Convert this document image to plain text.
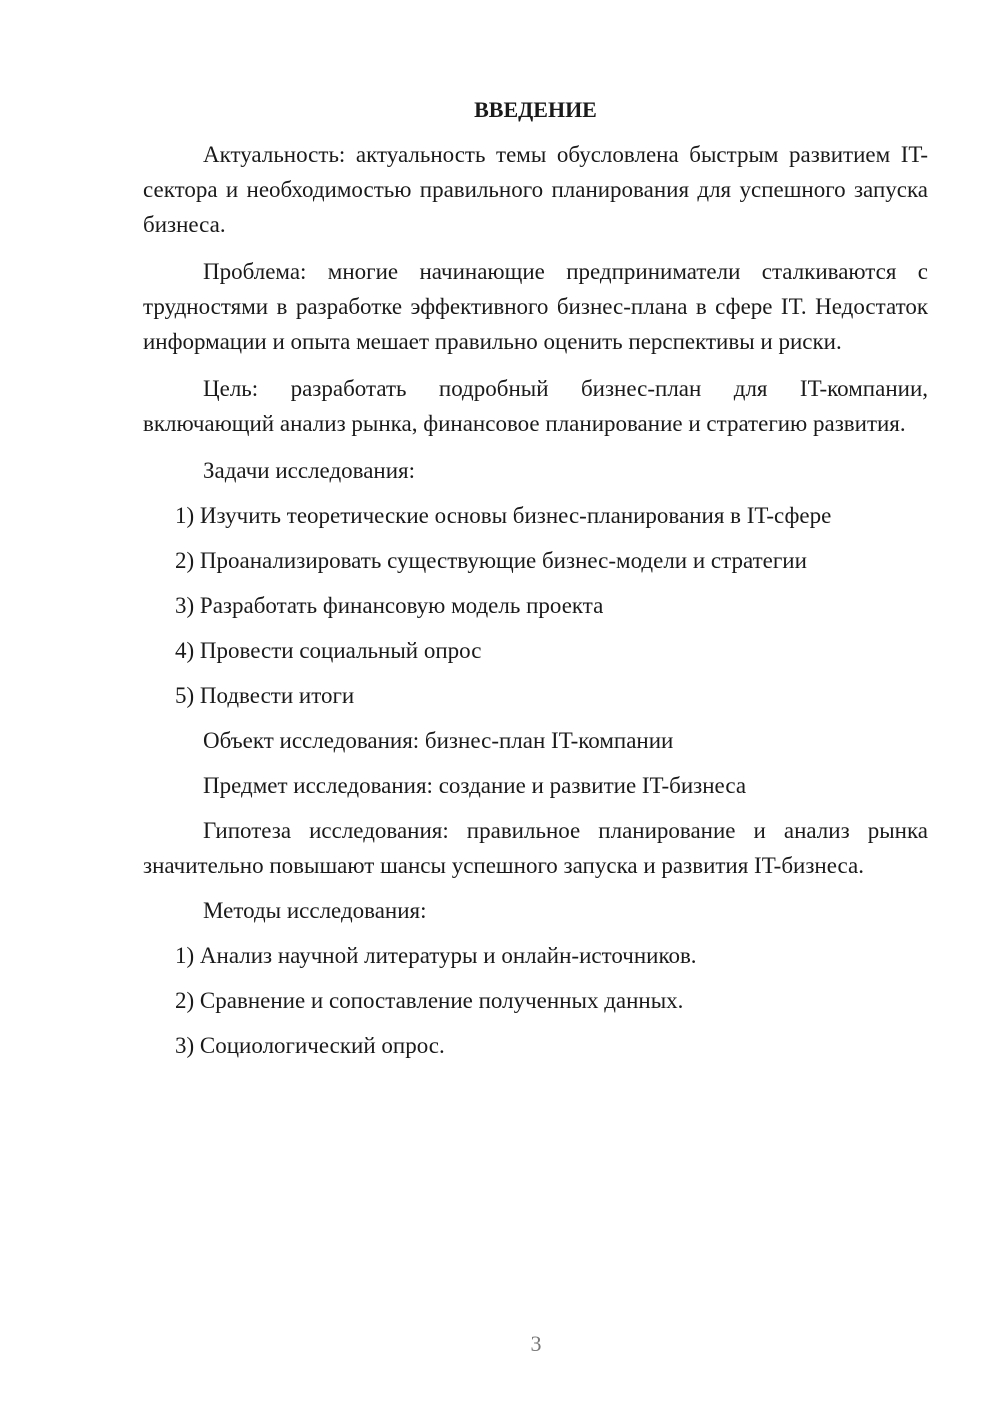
ВВЕДЕНИЕ

Актуальность: актуальность темы обусловлена быстрым развитием IT-сектора и необходимостью правильного планирования для успешного запуска бизнеса.

Проблема: многие начинающие предприниматели сталкиваются с трудностями в разработке эффективного бизнес-плана в сфере IT. Недостаток информации и опыта мешает правильно оценить перспективы и риски.

Цель: разработать подробный бизнес-план для IT-компании, включающий анализ рынка, финансовое планирование и стратегию развития.

Задачи исследования:

1) Изучить теоретические основы бизнес-планирования в IT-сфере

2) Проанализировать существующие бизнес-модели и стратегии

3) Разработать финансовую модель проекта

4) Провести социальный опрос

5) Подвести итоги

Объект исследования: бизнес-план IT-компании

Предмет исследования: создание и развитие IT-бизнеса

Гипотеза исследования: правильное планирование и анализ рынка значительно повышают шансы успешного запуска и развития IT-бизнеса.

Методы исследования:

1) Анализ научной литературы и онлайн-источников.

2) Сравнение и сопоставление полученных данных.

3) Социологический опрос.

3
